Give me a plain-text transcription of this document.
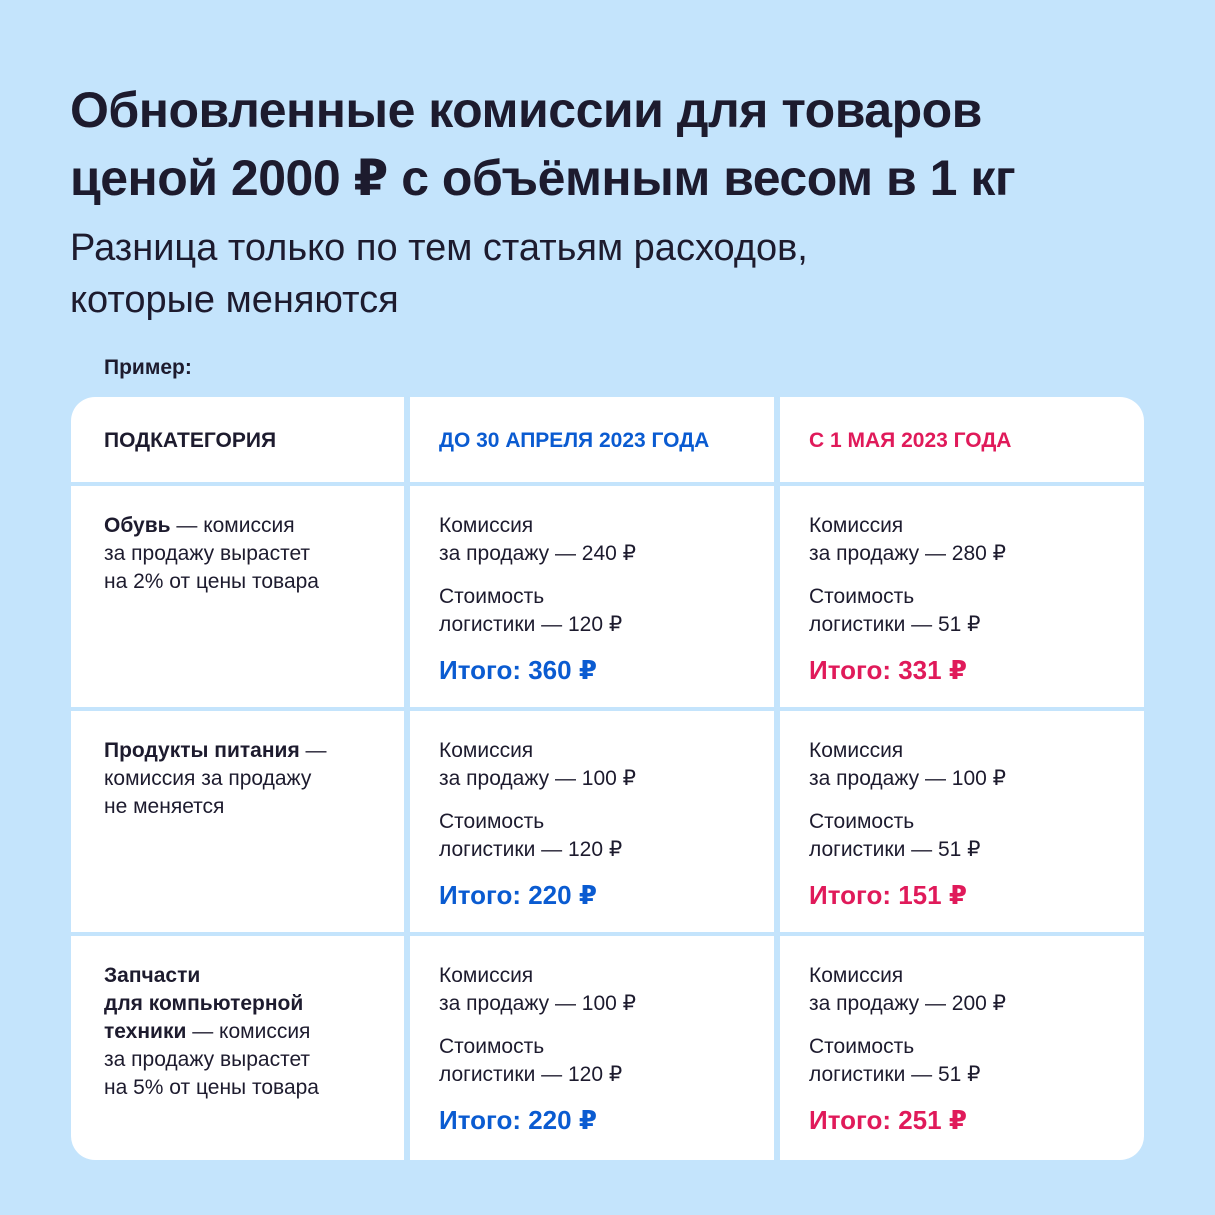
Обновленные комиссии для товаров
ценой 2000 ₽ с объёмным весом в 1 кг
Разница только по тем статьям расходов,
которые меняются
Пример:
ПОДКАТЕГОРИЯ	ДО 30 АПРЕЛЯ 2023 ГОДА	С 1 МАЯ 2023 ГОДА
Обувь — комиссия
за продажу вырастет
на 2% от цены товара
Комиссия
за продажу — 240 ₽
Стоимость
логистики — 120 ₽
Итого: 360 ₽
Комиссия
за продажу — 280 ₽
Стоимость
логистики — 51 ₽
Итого: 331 ₽
Продукты питания —
комиссия за продажу
не меняется
Комиссия
за продажу — 100 ₽
Стоимость
логистики — 120 ₽
Итого: 220 ₽
Комиссия
за продажу — 100 ₽
Стоимость
логистики — 51 ₽
Итого: 151 ₽
Запчасти
для компьютерной
техники — комиссия
за продажу вырастет
на 5% от цены товара
Комиссия
за продажу — 100 ₽
Стоимость
логистики — 120 ₽
Итого: 220 ₽
Комиссия
за продажу — 200 ₽
Стоимость
логистики — 51 ₽
Итого: 251 ₽
